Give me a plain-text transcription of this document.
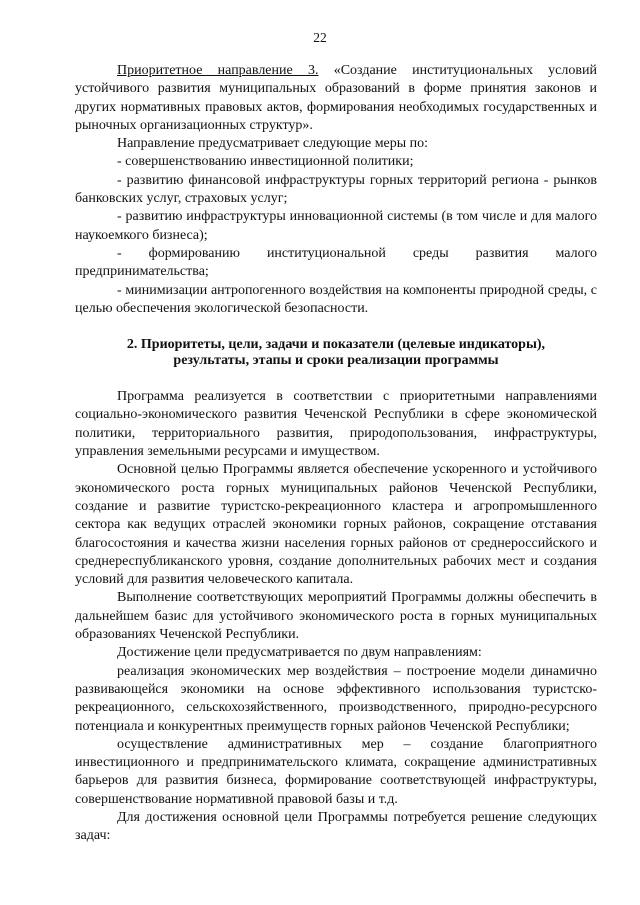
22

Приоритетное направление 3. «Создание институциональных условий устойчивого развития муниципальных образований в форме принятия законов и других нормативных правовых актов, формирования необходимых государственных и рыночных организационных структур».

Направление предусматривает следующие меры по:

- совершенствованию инвестиционной политики;

- развитию финансовой инфраструктуры горных территорий региона - рынков банковских услуг, страховых услуг;

- развитию инфраструктуры инновационной системы (в том числе и для малого наукоемкого бизнеса);

- формированию институциональной среды развития малого предпринимательства;

- минимизации антропогенного воздействия на компоненты природной среды, с целью обеспечения экологической безопасности.

2. Приоритеты, цели, задачи и показатели (целевые индикаторы),

результаты, этапы и сроки реализации программы

Программа реализуется в соответствии с приоритетными направлениями социально-экономического развития Чеченской Республики в сфере экономической политики, территориального развития, природопользования, инфраструктуры, управления земельными ресурсами и имуществом.

Основной целью Программы является обеспечение ускоренного и устойчивого экономического роста горных муниципальных районов Чеченской Республики, создание и развитие туристско-рекреационного кластера и агропромышленного сектора как ведущих отраслей экономики горных районов, сокращение отставания благосостояния и качества жизни населения горных районов от среднероссийского и среднереспубликанского уровня, создание дополнительных рабочих мест и создания условий для развития человеческого капитала.

Выполнение соответствующих мероприятий Программы должны обеспечить в дальнейшем базис для устойчивого экономического роста в горных муниципальных образованиях Чеченской Республики.

Достижение цели предусматривается по двум направлениям:

реализация экономических мер воздействия – построение модели динамично развивающейся экономики на основе эффективного использования туристско-рекреационного, сельскохозяйственного, производственного, природно-ресурсного потенциала и конкурентных преимуществ горных районов Чеченской Республики;

осуществление административных мер – создание благоприятного инвестиционного и предпринимательского климата, сокращение административных барьеров для развития бизнеса, формирование соответствующей инфраструктуры, совершенствование нормативной правовой базы и т.д.

Для достижения основной цели Программы потребуется решение следующих задач:
